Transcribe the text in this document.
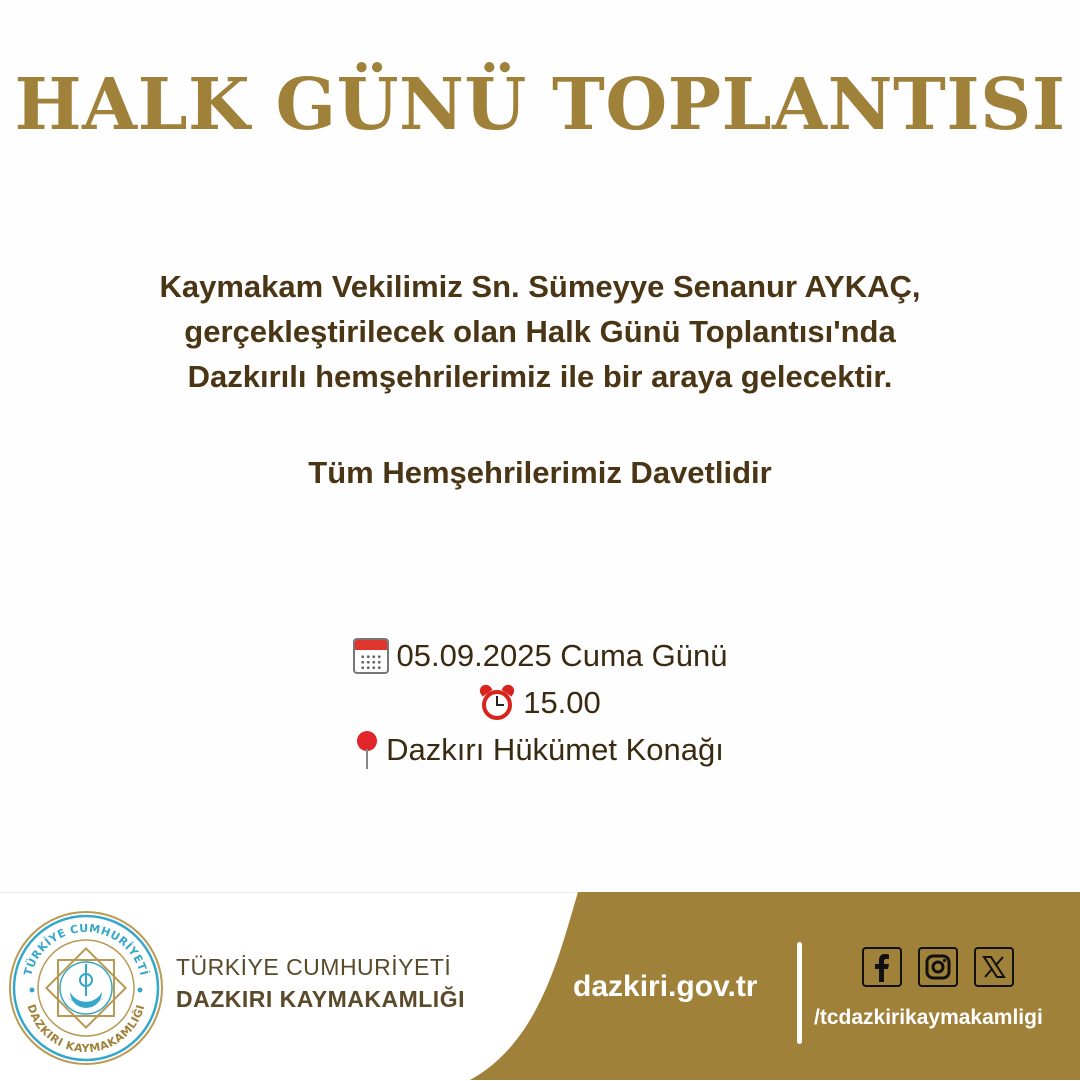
HALK GÜNÜ TOPLANTISI
Kaymakam Vekilimiz Sn. Sümeyye Senanur AYKAÇ,
gerçekleştirilecek olan Halk Günü Toplantısı'nda
Dazkırılı hemşehrilerimiz ile bir araya gelecektir.
Tüm Hemşehrilerimiz Davetlidir
05.09.2025 Cuma Günü
15.00
Dazkırı Hükümet Konağı
TÜRKİYE CUMHURİYETİ
DAZKIRI KAYMAKAMLIĞI
TÜRKİYE CUMHURİYETİ
DAZKIRI KAYMAKAMLIĞI	dazkiri.gov.tr
/tcdazkirikaymakamligi
